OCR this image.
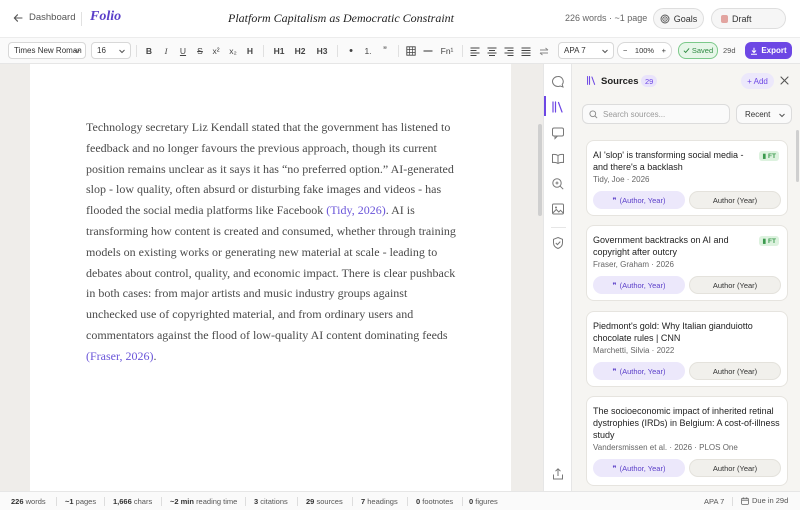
Dashboard Folio	Platform Capitalism as Democratic Constraint	226 words · ~1 page	Goals	Draft
Times New Roman 16	B	I	U	S	x²	x₂	H	H1	H2	H3	•	1.	”	Fn¹	APA 7	− 100% +	Saved 29d	Export
Technology secretary Liz Kendall stated that the government has listened to feedback and no longer favours the previous approach, though its current position remains unclear as it says it has “no preferred option.” AI-generated slop - low quality, often absurd or disturbing fake images and videos - has flooded the social media platforms like Facebook (Tidy, 2026). AI is transforming how content is created and consumed, whether through training models on existing works or generating new material at scale - leading to debates about control, quality, and economic impact. There is clear pushback in both cases: from major artists and music industry groups against unchecked use of copyrighted material, and from ordinary users and commentators against the flood of low-quality AI content dominating feeds (Fraser, 2026).
Sources 29	+ Add
Search sources...	Recent
AI 'slop' is transforming social media - and there's a backlash
▮ FT
Tidy, Joe · 2026
❞ (Author, Year)	Author (Year)
Government backtracks on AI and copyright after outcry
▮ FT
Fraser, Graham · 2026
❞ (Author, Year)	Author (Year)
Piedmont's gold: Why Italian gianduiotto chocolate rules | CNN
Marchetti, Silvia · 2022
❞ (Author, Year)	Author (Year)
The socioeconomic impact of inherited retinal dystrophies (IRDs) in Belgium: A cost-of-illness study
Vandersmissen et al. · 2026 · PLOS One
❞ (Author, Year)	Author (Year)
226 words	~1 pages 1,666 chars ~2 min reading time 3 citations 29 sources 7 headings 0 footnotes 0 figures	APA 7	Due in 29d
